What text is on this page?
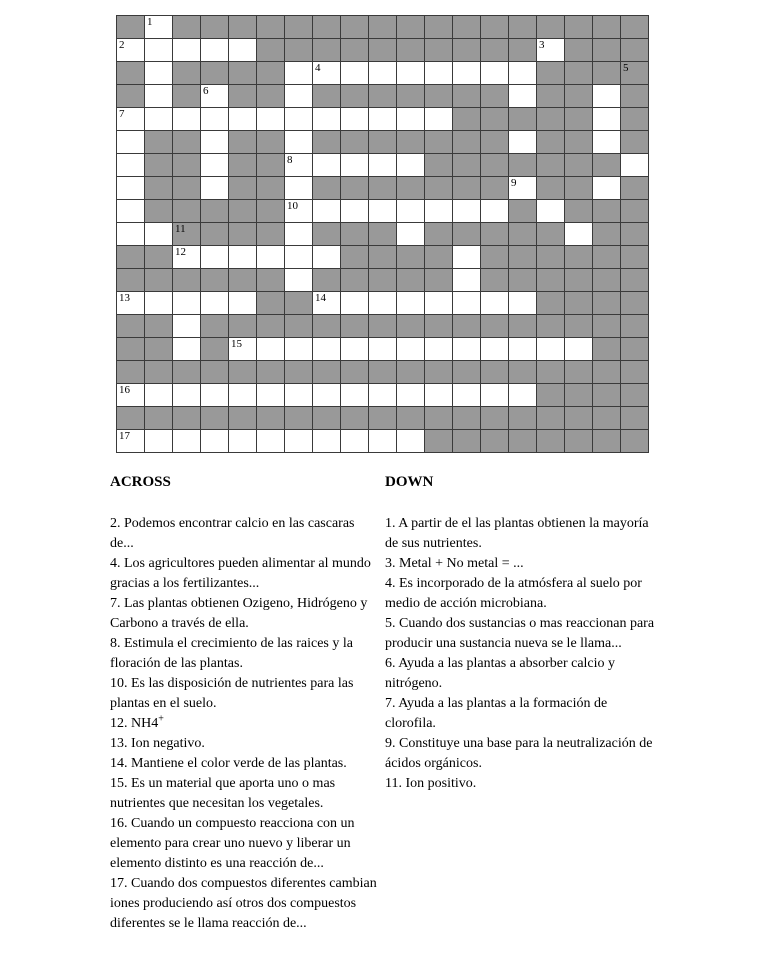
	1																	

2															3			

							4											5

			6															

7																		

						8												

														9				

						10												

		11																

		12																

13							14											

				15														

16																		

17																		

ACROSS

2. Podemos encontrar calcio en las cascaras de...

4. Los agricultores pueden alimentar al mundo gracias a los fertilizantes...

7. Las plantas obtienen Ozigeno, Hidrógeno y Carbono a través de ella.

8. Estimula el crecimiento de las raices y la floración de las plantas.

10. Es las disposición de nutrientes para las plantas en el suelo.

12. NH4+

13. Ion negativo.

14. Mantiene el color verde de las plantas.

15. Es un material que aporta uno o mas nutrientes que necesitan los vegetales.

16. Cuando un compuesto reacciona con un elemento para crear uno nuevo y liberar un elemento distinto es una reacción de...

17. Cuando dos compuestos diferentes cambian iones produciendo así otros dos compuestos diferentes se le llama reacción de...

DOWN

1. A partir de el las plantas obtienen la mayoría de sus nutrientes.

3. Metal + No metal = ...

4. Es incorporado de la atmósfera al suelo por medio de acción microbiana.

5. Cuando dos sustancias o mas reaccionan para producir una sustancia nueva se le llama...

6. Ayuda a las plantas a absorber calcio y nitrógeno.

7. Ayuda a las plantas a la formación de clorofila.

9. Constituye una base para la neutralización de ácidos orgánicos.

11. Ion positivo.
